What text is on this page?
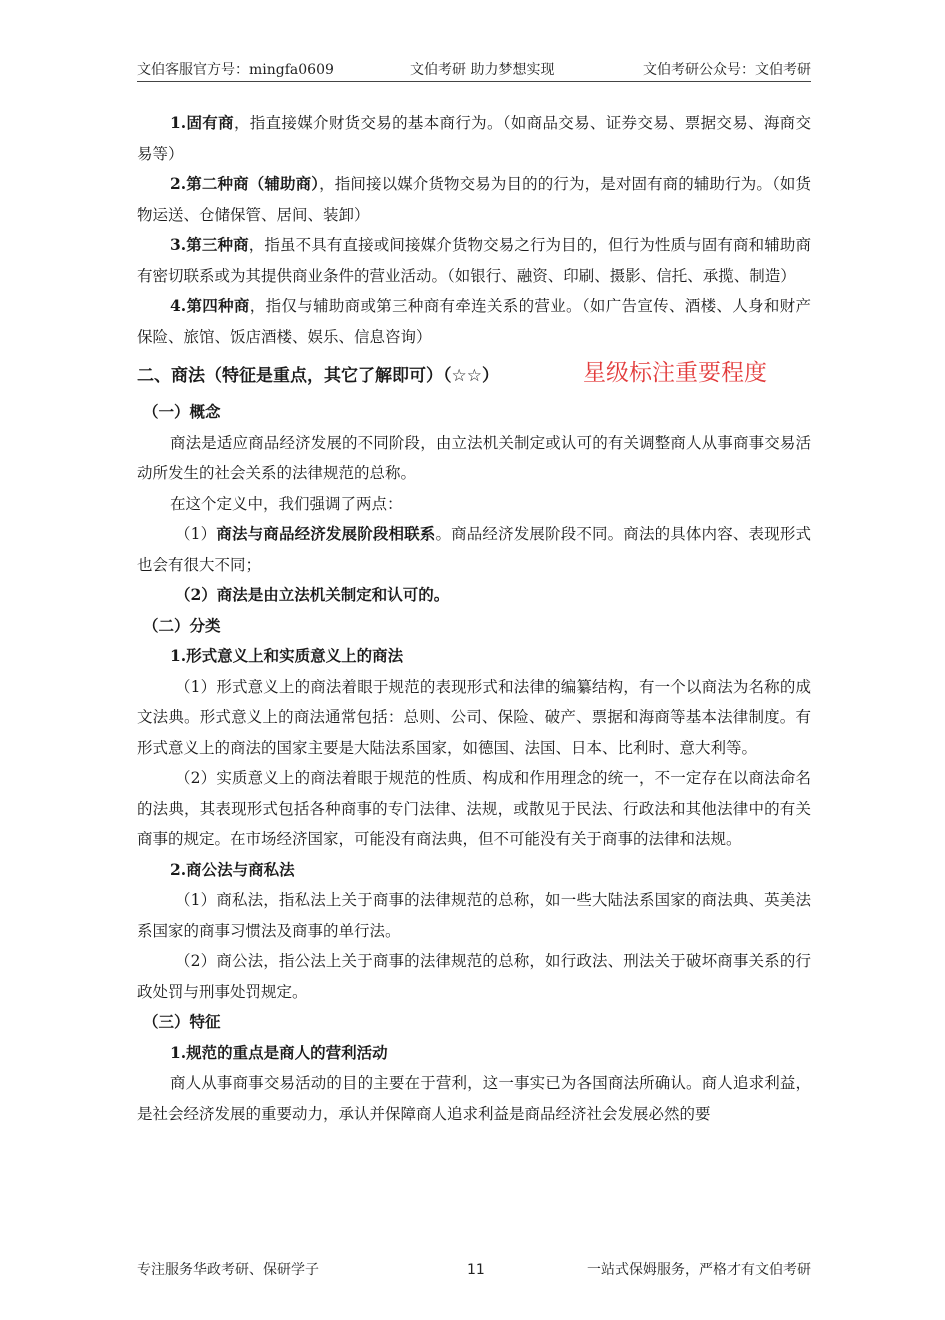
文伯客服官方号：mingfa0609	文伯考研 助力梦想实现	文伯考研公众号：文伯考研

1.固有商，指直接媒介财货交易的基本商行为。（如商品交易、证券交易、票据交易、海商交易等）

2.第二种商（辅助商），指间接以媒介货物交易为目的的行为，是对固有商的辅助行为。（如货物运送、仓储保管、居间、装卸）

3.第三种商，指虽不具有直接或间接媒介货物交易之行为目的，但行为性质与固有商和辅助商有密切联系或为其提供商业条件的营业活动。（如银行、融资、印刷、摄影、信托、承揽、制造）

4.第四种商，指仅与辅助商或第三种商有牵连关系的营业。（如广告宣传、酒楼、人身和财产保险、旅馆、饭店酒楼、娱乐、信息咨询）

二、商法（特征是重点，其它了解即可）（☆☆）	星级标注重要程度

（一）概念

商法是适应商品经济发展的不同阶段，由立法机关制定或认可的有关调整商人从事商事交易活动所发生的社会关系的法律规范的总称。

在这个定义中，我们强调了两点：

（1）商法与商品经济发展阶段相联系。商品经济发展阶段不同。商法的具体内容、表现形式也会有很大不同；

（2）商法是由立法机关制定和认可的。

（二）分类

1.形式意义上和实质意义上的商法

（1）形式意义上的商法着眼于规范的表现形式和法律的编纂结构，有一个以商法为名称的成文法典。形式意义上的商法通常包括：总则、公司、保险、破产、票据和海商等基本法律制度。有形式意义上的商法的国家主要是大陆法系国家，如德国、法国、日本、比利时、意大利等。

（2）实质意义上的商法着眼于规范的性质、构成和作用理念的统一，不一定存在以商法命名的法典，其表现形式包括各种商事的专门法律、法规，或散见于民法、行政法和其他法律中的有关商事的规定。在市场经济国家，可能没有商法典，但不可能没有关于商事的法律和法规。

2.商公法与商私法

（1）商私法，指私法上关于商事的法律规范的总称，如一些大陆法系国家的商法典、英美法系国家的商事习惯法及商事的单行法。

（2）商公法，指公法上关于商事的法律规范的总称，如行政法、刑法关于破坏商事关系的行政处罚与刑事处罚规定。

（三）特征

1.规范的重点是商人的营利活动

商人从事商事交易活动的目的主要在于营利，这一事实已为各国商法所确认。商人追求利益，是社会经济发展的重要动力，承认并保障商人追求利益是商品经济社会发展必然的要

专注服务华政考研、保研学子	11	一站式保姆服务，严格才有文伯考研
